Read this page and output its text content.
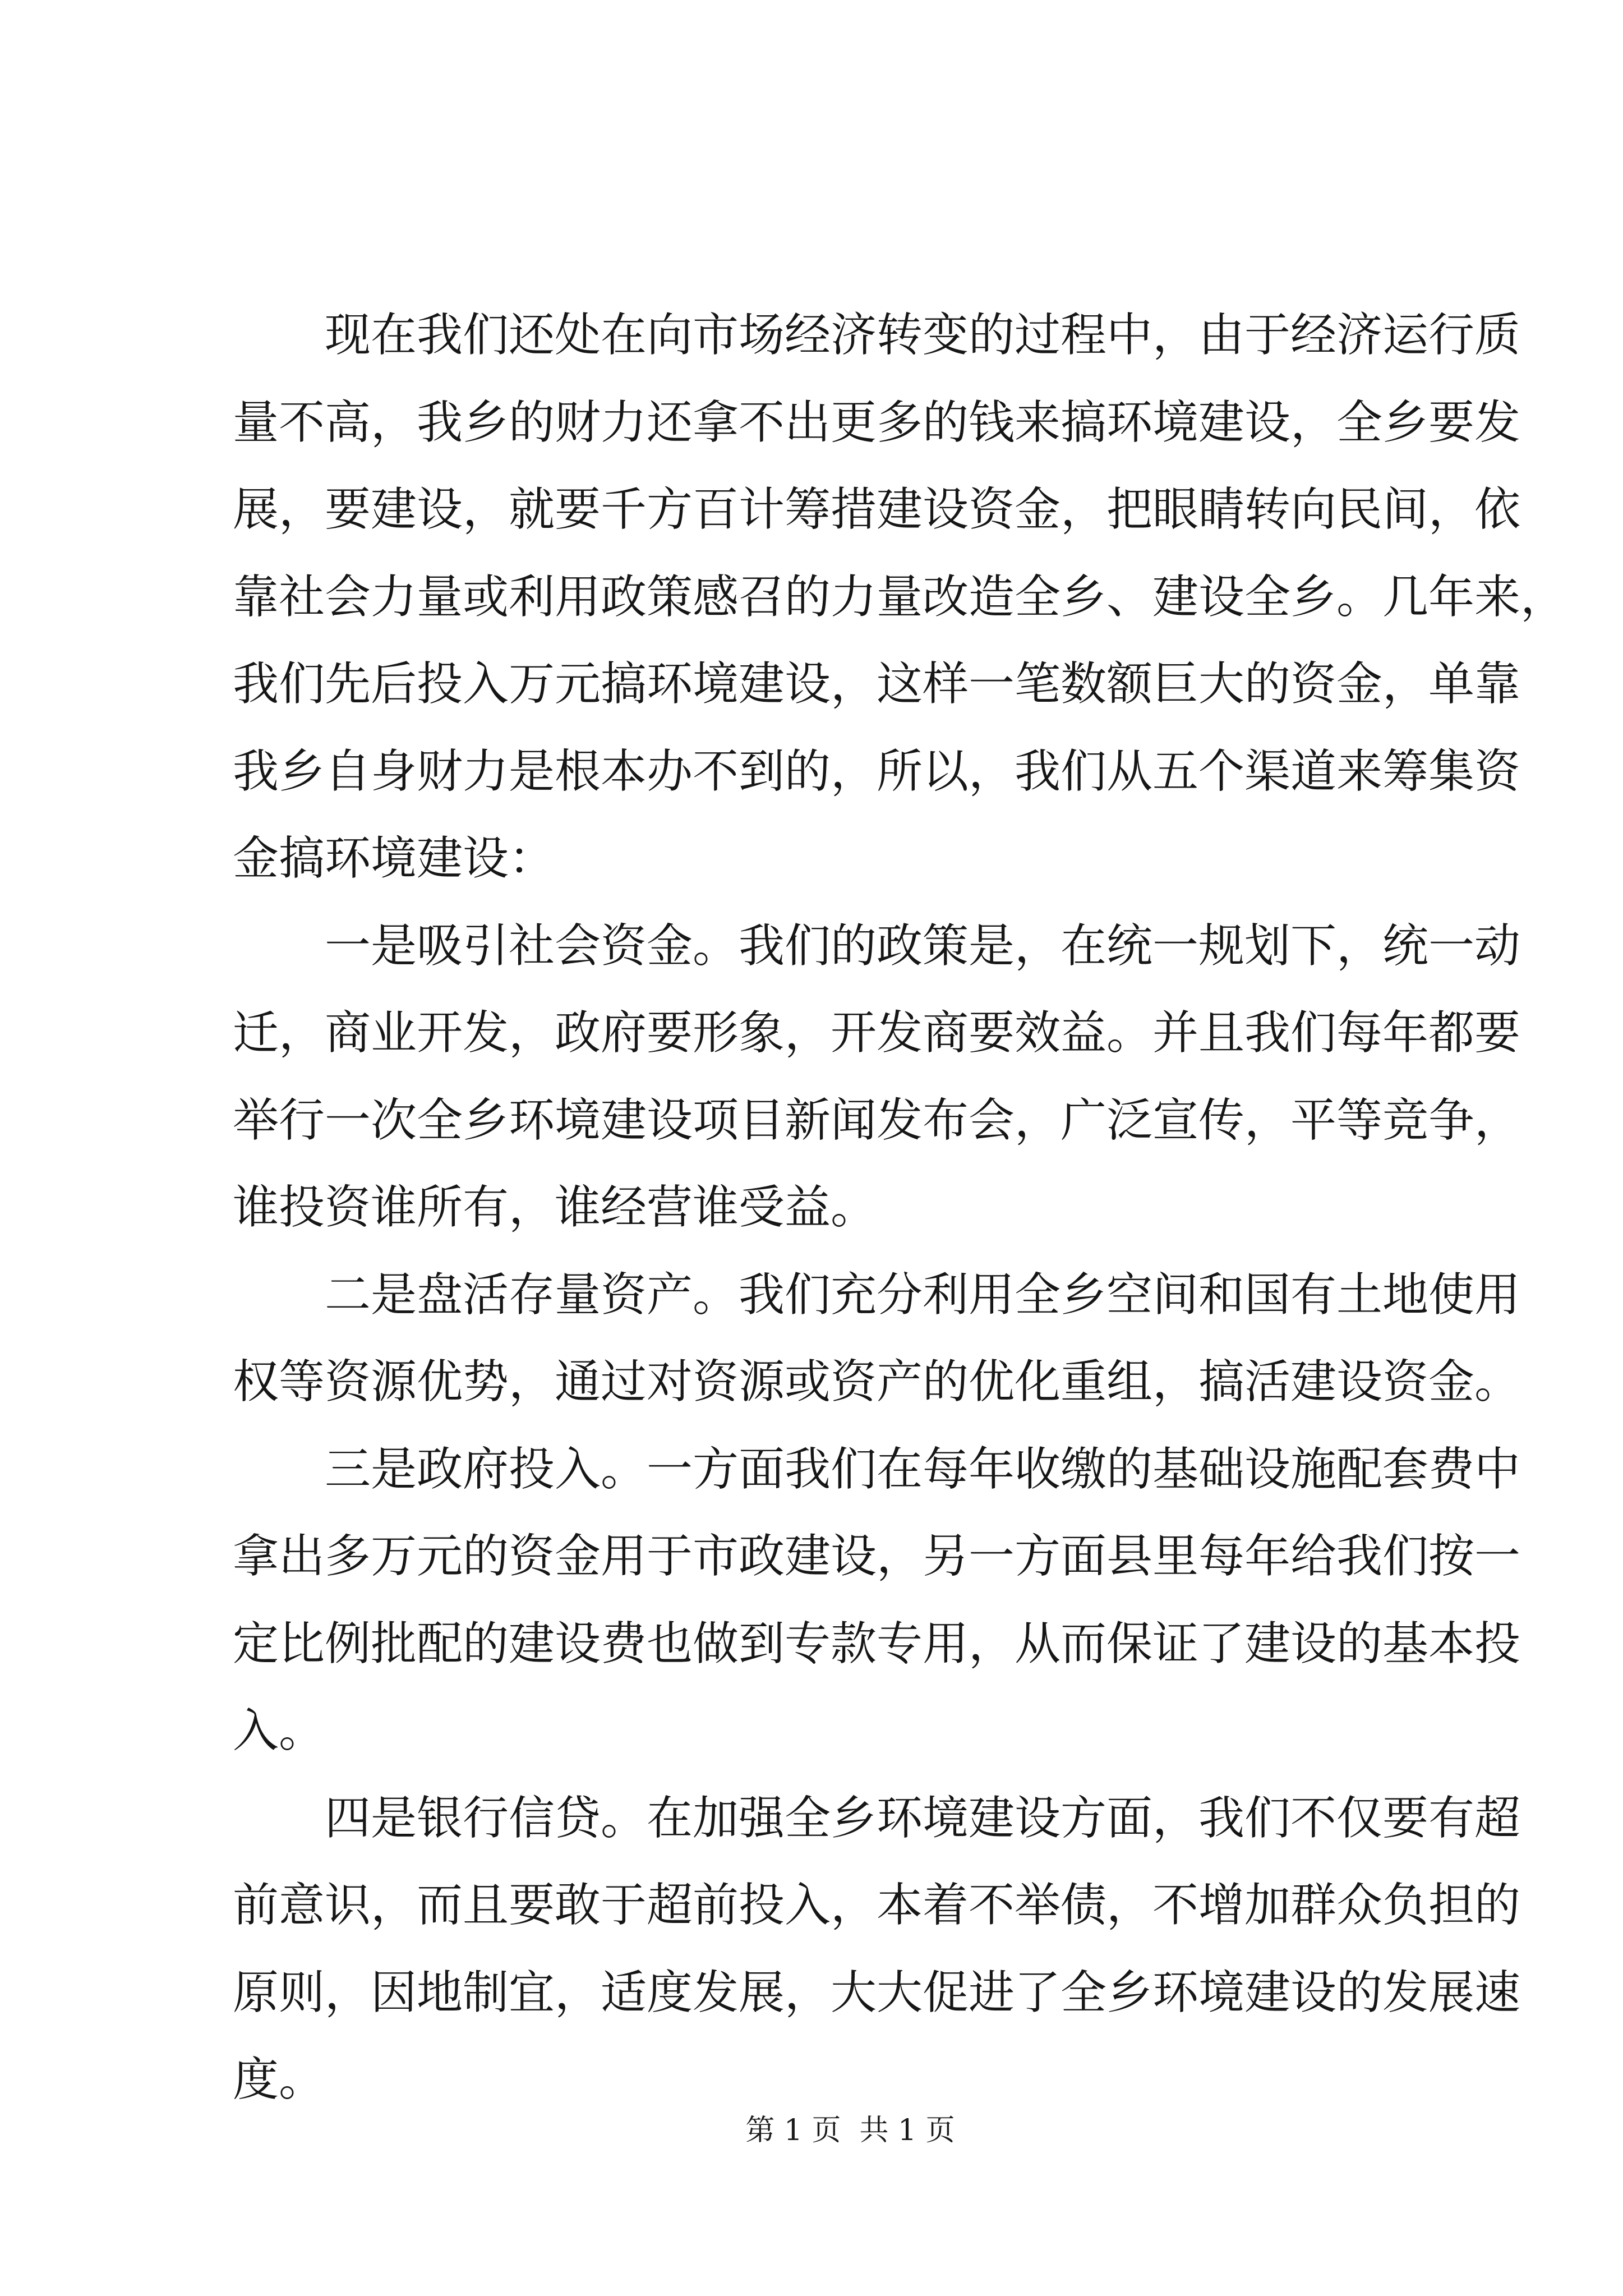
现在我们还处在向市场经济转变的过程中，由于经济运行质
量不高，我乡的财力还拿不出更多的钱来搞环境建设，全乡要发
展，要建设，就要千方百计筹措建设资金，把眼睛转向民间，依
靠社会力量或利用政策感召的力量改造全乡、建设全乡。几年来，
我们先后投入万元搞环境建设，这样一笔数额巨大的资金，单靠
我乡自身财力是根本办不到的，所以，我们从五个渠道来筹集资
金搞环境建设：
一是吸引社会资金。我们的政策是，在统一规划下，统一动
迁，商业开发，政府要形象，开发商要效益。并且我们每年都要
举行一次全乡环境建设项目新闻发布会，广泛宣传，平等竞争，
谁投资谁所有，谁经营谁受益。
二是盘活存量资产。我们充分利用全乡空间和国有土地使用
权等资源优势，通过对资源或资产的优化重组，搞活建设资金。
三是政府投入。一方面我们在每年收缴的基础设施配套费中
拿出多万元的资金用于市政建设，另一方面县里每年给我们按一
定比例批配的建设费也做到专款专用，从而保证了建设的基本投
入。
四是银行信贷。在加强全乡环境建设方面，我们不仅要有超
前意识，而且要敢于超前投入，本着不举债，不增加群众负担的
原则，因地制宜，适度发展，大大促进了全乡环境建设的发展速
度。
第 1 页  共 1 页
